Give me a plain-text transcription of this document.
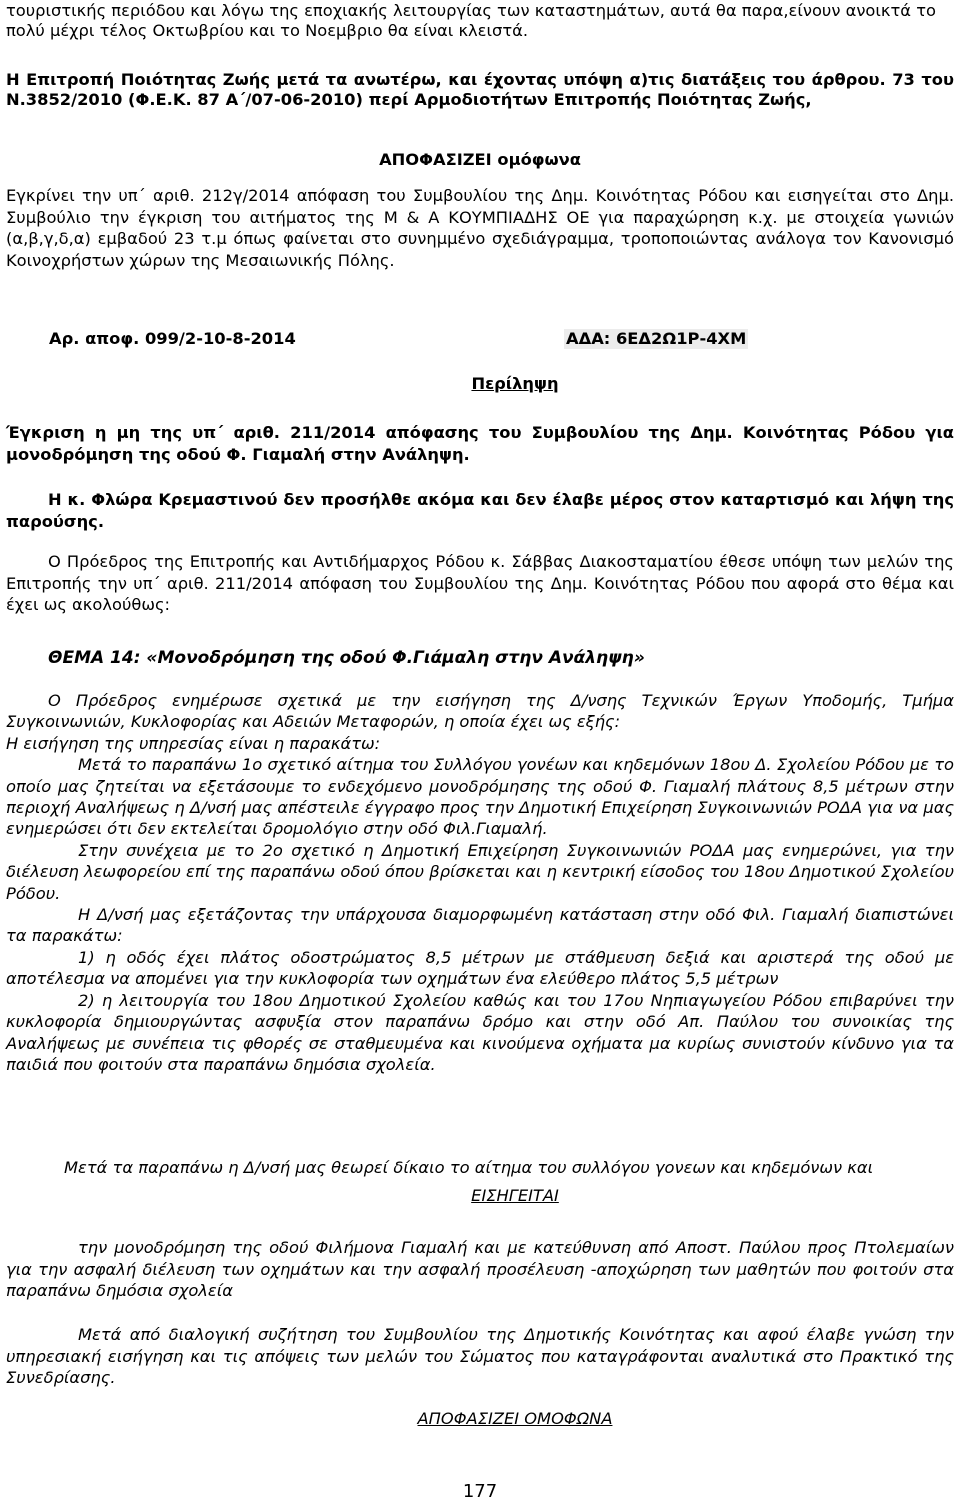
τουριστικής περιόδου και λόγω της εποχιακής λειτουργίας των καταστημάτων, αυτά θα παρα,είνουν ανοικτά το

πολύ μέχρι τέλος Οκτωβρίου και το Νοεμβριο θα είναι κλειστά.

Η Επιτροπή Ποιότητας Ζωής μετά τα ανωτέρω, και έχοντας υπόψη α)τις διατάξεις του άρθρου. 73 του Ν.3852/2010 (Φ.Ε.Κ. 87 Α΄/07-06-2010) περί Αρμοδιοτήτων Επιτροπής Ποιότητας Ζωής,

ΑΠΟΦΑΣΙΖΕΙ ομόφωνα

Εγκρίνει την υπ΄ αριθ. 212γ/2014 απόφαση του Συμβουλίου της Δημ. Κοινότητας Ρόδου και εισηγείται στο Δημ. Συμβούλιο την έγκριση του αιτήματος της Μ & Α ΚΟΥΜΠΙΑΔΗΣ ΟΕ για παραχώρηση κ.χ. με στοιχεία γωνιών (α,β,γ,δ,α) εμβαδού 23 τ.μ όπως φαίνεται στο συνημμένο σχεδιάγραμμα, τροποποιώντας ανάλογα τον Κανονισμό Κοινοχρήστων χώρων της Μεσαιωνικής Πόλης.

Αρ. αποφ. 099/2-10-8-2014	ΑΔΑ: 6ΕΔ2Ω1Ρ-4ΧΜ

Περίληψη

Έγκριση η μη της υπ΄ αριθ. 211/2014 απόφασης του Συμβουλίου της Δημ. Κοινότητας Ρόδου για μονοδρόμηση της οδού Φ. Γιαμαλή στην Ανάληψη.

Η κ. Φλώρα Κρεμαστινού δεν προσήλθε ακόμα και δεν έλαβε μέρος στον καταρτισμό και λήψη της παρούσης.

Ο Πρόεδρος της Επιτροπής και Αντιδήμαρχος Ρόδου κ. Σάββας Διακοσταματίου έθεσε υπόψη των μελών της Επιτροπής την υπ΄ αριθ. 211/2014 απόφαση του Συμβουλίου της Δημ. Κοινότητας Ρόδου που αφορά στο θέμα και έχει ως ακολούθως:

ΘΕΜΑ 14: «Μονοδρόμηση της οδού Φ.Γιάμαλη στην Ανάληψη»

Ο Πρόεδρος ενημέρωσε σχετικά με την εισήγηση της Δ/νσης Τεχνικών Έργων Υποδομής, Τμήμα Συγκοινωνιών, Κυκλοφορίας και Αδειών Μεταφορών, η οποία έχει ως εξής:

Η εισήγηση της υπηρεσίας είναι η παρακάτω:

Μετά το παραπάνω 1ο σχετικό αίτημα του Συλλόγου γονέων και κηδεμόνων 18ου Δ. Σχολείου Ρόδου με το οποίο μας ζητείται να εξετάσουμε το ενδεχόμενο μονοδρόμησης της οδού Φ. Γιαμαλή πλάτους 8,5 μέτρων στην περιοχή Αναλήψεως η Δ/νσή μας απέστειλε έγγραφο προς την Δημοτική Επιχείρηση Συγκοινωνιών ΡΟΔΑ για να μας ενημερώσει ότι δεν εκτελείται δρομολόγιο στην οδό Φιλ.Γιαμαλή.

Στην συνέχεια με το 2ο σχετικό η Δημοτική Επιχείρηση Συγκοινωνιών ΡΟΔΑ μας ενημερώνει, για την διέλευση λεωφορείου επί της παραπάνω οδού όπου βρίσκεται και η κεντρική είσοδος του 18ου Δημοτικού Σχολείου Ρόδου.

Η Δ/νσή μας εξετάζοντας την υπάρχουσα διαμορφωμένη κατάσταση στην οδό Φιλ. Γιαμαλή διαπιστώνει τα παρακάτω:

1) η οδός έχει πλάτος οδοστρώματος 8,5 μέτρων με στάθμευση δεξιά και αριστερά της οδού με αποτέλεσμα να απομένει για την κυκλοφορία των οχημάτων ένα ελεύθερο πλάτος 5,5 μέτρων

2) η λειτουργία του 18ου Δημοτικού Σχολείου καθώς και του 17ου Νηπιαγωγείου Ρόδου επιβαρύνει την κυκλοφορία δημιουργώντας ασφυξία στον παραπάνω δρόμο και στην οδό Απ. Παύλου του συνοικίας της Αναλήψεως με συνέπεια τις φθορές σε σταθμευμένα και κινούμενα οχήματα μα κυρίως συνιστούν κίνδυνο για τα παιδιά που φοιτούν στα παραπάνω δημόσια σχολεία.

Μετά τα παραπάνω η Δ/νσή μας θεωρεί δίκαιο το αίτημα του συλλόγου γονεων και κηδεμόνων και

ΕΙΣΗΓΕΙΤΑΙ

την μονοδρόμηση της οδού Φιλήμονα Γιαμαλή και με κατεύθυνση από Αποστ. Παύλου προς Πτολεμαίων για την ασφαλή διέλευση των οχημάτων και την ασφαλή προσέλευση -αποχώρηση των μαθητών που φοιτούν στα παραπάνω δημόσια σχολεία

Μετά από διαλογική συζήτηση του Συμβουλίου της Δημοτικής Κοινότητας και αφού έλαβε γνώση την υπηρεσιακή εισήγηση και τις απόψεις των μελών του Σώματος που καταγράφονται αναλυτικά στο Πρακτικό της Συνεδρίασης.

ΑΠΟΦΑΣΙΖΕΙ ΟΜΟΦΩΝΑ

177
